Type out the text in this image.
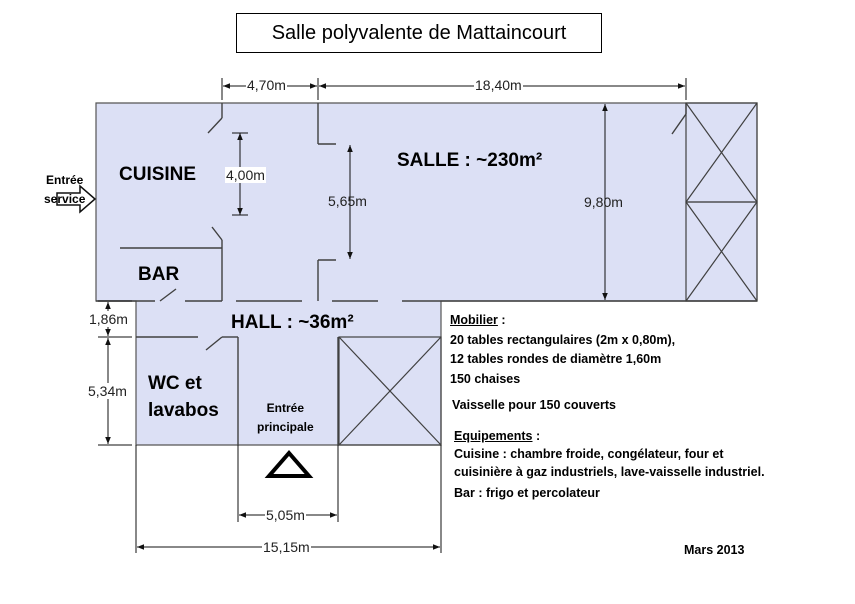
Salle polyvalente de Mattaincourt
CUISINE
SALLE : ~230m²
BAR
HALL : ~36m²
WC et
lavabos
Entrée
service
Entrée
principale
4,70m	18,40m
4,00m
5,65m	9,80m
1,86m
5,34m
5,05m
15,15m
Mobilier :
20 tables rectangulaires (2m x 0,80m),
12 tables rondes de diamètre 1,60m
150 chaises
Vaisselle pour 150 couverts
Equipements :
Cuisine : chambre froide, congélateur, four et
cuisinière à gaz industriels, lave-vaisselle industriel.
Bar : frigo et percolateur
Mars 2013
